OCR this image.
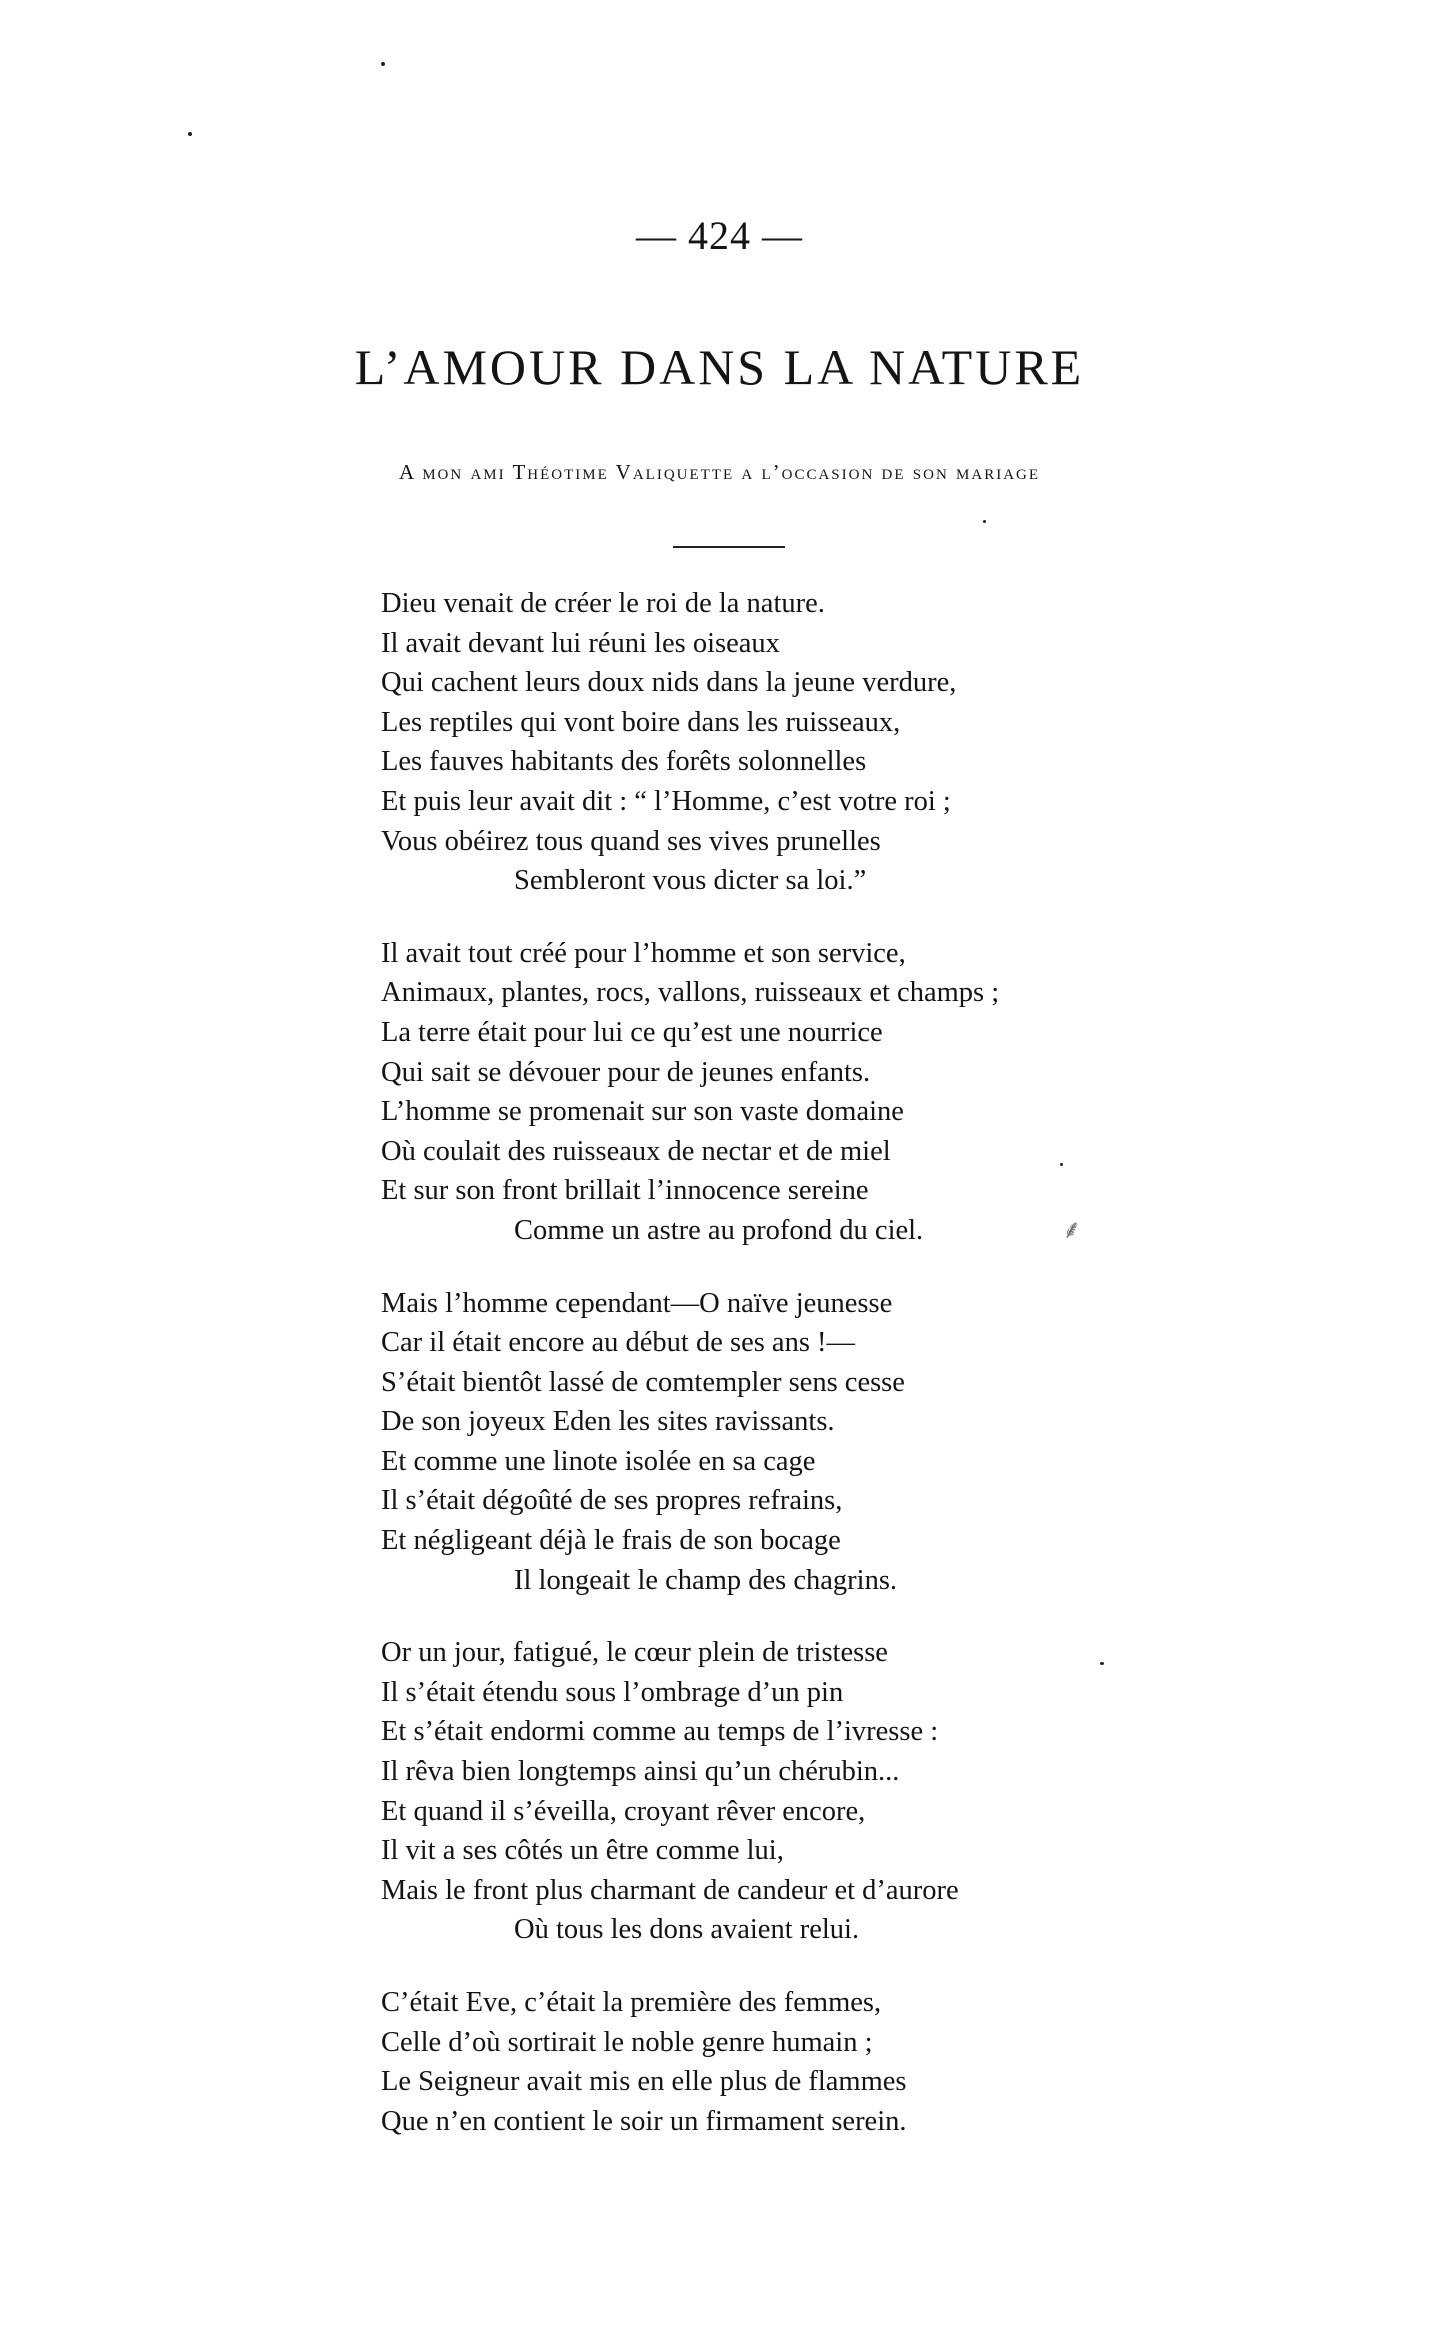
— 424 —
L’AMOUR DANS LA NATURE
A mon ami Théotime Valiquette a l’occasion de son mariage
Dieu venait de créer le roi de la nature.
Il avait devant lui réuni les oiseaux
Qui cachent leurs doux nids dans la jeune verdure,
Les reptiles qui vont boire dans les ruisseaux,
Les fauves habitants des forêts solonnelles
Et puis leur avait dit : “ l’Homme, c’est votre roi ;
Vous obéirez tous quand ses vives prunelles
Sembleront vous dicter sa loi.”
Il avait tout créé pour l’homme et son service,
Animaux, plantes, rocs, vallons, ruisseaux et champs ;
La terre était pour lui ce qu’est une nourrice
Qui sait se dévouer pour de jeunes enfants.
L’homme se promenait sur son vaste domaine
Où coulait des ruisseaux de nectar et de miel
Et sur son front brillait l’innocence sereine
Comme un astre au profond du ciel.
Mais l’homme cependant—O naïve jeunesse
Car il était encore au début de ses ans !—
S’était bientôt lassé de comtempler sens cesse
De son joyeux Eden les sites ravissants.
Et comme une linote isolée en sa cage
Il s’était dégoûté de ses propres refrains,
Et négligeant déjà le frais de son bocage
Il longeait le champ des chagrins.
Or un jour, fatigué, le cœur plein de tristesse
Il s’était étendu sous l’ombrage d’un pin
Et s’était endormi comme au temps de l’ivresse :
Il rêva bien longtemps ainsi qu’un chérubin...
Et quand il s’éveilla, croyant rêver encore,
Il vit a ses côtés un être comme lui,
Mais le front plus charmant de candeur et d’aurore
Où tous les dons avaient relui.
C’était Eve, c’était la première des femmes,
Celle d’où sortirait le noble genre humain ;
Le Seigneur avait mis en elle plus de flammes
Que n’en contient le soir un firmament serein.
⸙
